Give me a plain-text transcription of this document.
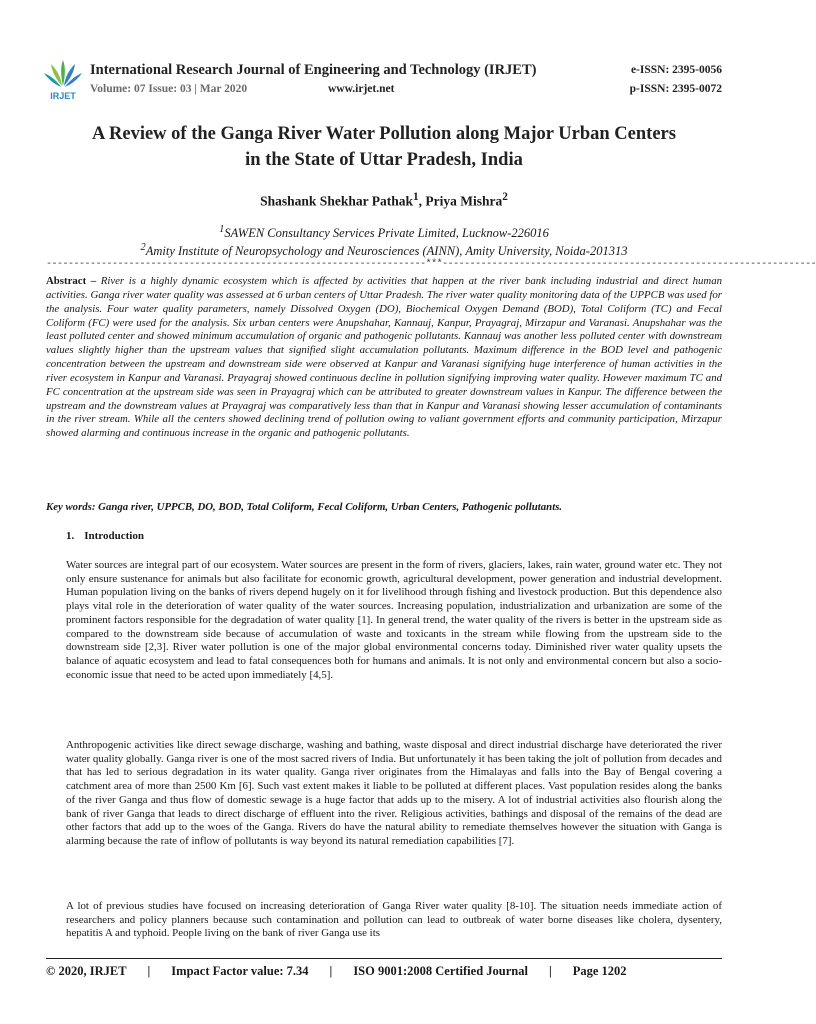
IRJET
International Research Journal of Engineering and Technology (IRJET)
Volume: 07 Issue: 03 | Mar 2020	www.irjet.net
e-ISSN: 2395-0056
p-ISSN: 2395-0072
A Review of the Ganga River Water Pollution along Major Urban Centers
in the State of Uttar Pradesh, India
Shashank Shekhar Pathak$^1$, Priya Mishra$^2$
$^1$SAWEN Consultancy Services Private Limited, Lucknow-226016
$^2$Amity Institute of Neuropsychology and Neurosciences (AINN), Amity University, Noida-201313
---------------------------------------------------------------------***--------------------------------------------------------------------
Abstract – River is a highly dynamic ecosystem which is affected by activities that happen at the river bank including industrial and direct human activities. Ganga river water quality was assessed at 6 urban centers of Uttar Pradesh. The river water quality monitoring data of the UPPCB was used for the analysis. Four water quality parameters, namely Dissolved Oxygen (DO), Biochemical Oxygen Demand (BOD), Total Coliform (TC) and Fecal Coliform (FC) were used for the analysis. Six urban centers were Anupshahar, Kannauj, Kanpur, Prayagraj, Mirzapur and Varanasi. Anupshahar was the least polluted center and showed minimum accumulation of organic and pathogenic pollutants. Kannauj was another less polluted center with downstream values slightly higher than the upstream values that signified slight accumulation pollutants. Maximum difference in the BOD level and pathogenic concentration between the upstream and downstream side were observed at Kanpur and Varanasi signifying huge interference of human activities in the river ecosystem in Kanpur and Varanasi. Prayagraj showed continuous decline in pollution signifying improving water quality. However maximum TC and FC concentration at the upstream side was seen in Prayagraj which can be attributed to greater downstream values in Kanpur. The difference between the upstream and the downstream values at Prayagraj was comparatively less than that in Kanpur and Varanasi showing lesser accumulation of contaminants in the river stream. While all the centers showed declining trend of pollution owing to valiant government efforts and community participation, Mirzapur showed alarming and continuous increase in the organic and pathogenic pollutants.
Key words: Ganga river, UPPCB, DO, BOD, Total Coliform, Fecal Coliform, Urban Centers, Pathogenic pollutants.
1. Introduction
Water sources are integral part of our ecosystem. Water sources are present in the form of rivers, glaciers, lakes, rain water, ground water etc. They not only ensure sustenance for animals but also facilitate for economic growth, agricultural development, power generation and industrial development. Human population living on the banks of rivers depend hugely on it for livelihood through fishing and livestock production. But this dependence also plays vital role in the deterioration of water quality of the water sources. Increasing population, industrialization and urbanization are some of the prominent factors responsible for the degradation of water quality [1]. In general trend, the water quality of the rivers is better in the upstream side as compared to the downstream side because of accumulation of waste and toxicants in the stream while flowing from the upstream side to the downstream side [2,3]. River water pollution is one of the major global environmental concerns today. Diminished river water quality upsets the balance of aquatic ecosystem and lead to fatal consequences both for humans and animals. It is not only and environmental concern but also a socio-economic issue that need to be acted upon immediately [4,5].
Anthropogenic activities like direct sewage discharge, washing and bathing, waste disposal and direct industrial discharge have deteriorated the river water quality globally. Ganga river is one of the most sacred rivers of India. But unfortunately it has been taking the jolt of pollution from decades and that has led to serious degradation in its water quality. Ganga river originates from the Himalayas and falls into the Bay of Bengal covering a catchment area of more than 2500 Km [6]. Such vast extent makes it liable to be polluted at different places. Vast population resides along the banks of the river Ganga and thus flow of domestic sewage is a huge factor that adds up to the misery. A lot of industrial activities also flourish along the bank of river Ganga that leads to direct discharge of effluent into the river. Religious activities, bathings and disposal of the remains of the dead are other factors that add up to the woes of the Ganga. Rivers do have the natural ability to remediate themselves however the situation with Ganga is alarming because the rate of inflow of pollutants is way beyond its natural remediation capabilities [7].
A lot of previous studies have focused on increasing deterioration of Ganga River water quality [8-10]. The situation needs immediate action of researchers and policy planners because such contamination and pollution can lead to outbreak of water borne diseases like cholera, dysentery, hepatitis A and typhoid. People living on the bank of river Ganga use its
© 2020, IRJET | Impact Factor value: 7.34 | ISO 9001:2008 Certified Journal | Page 1202
